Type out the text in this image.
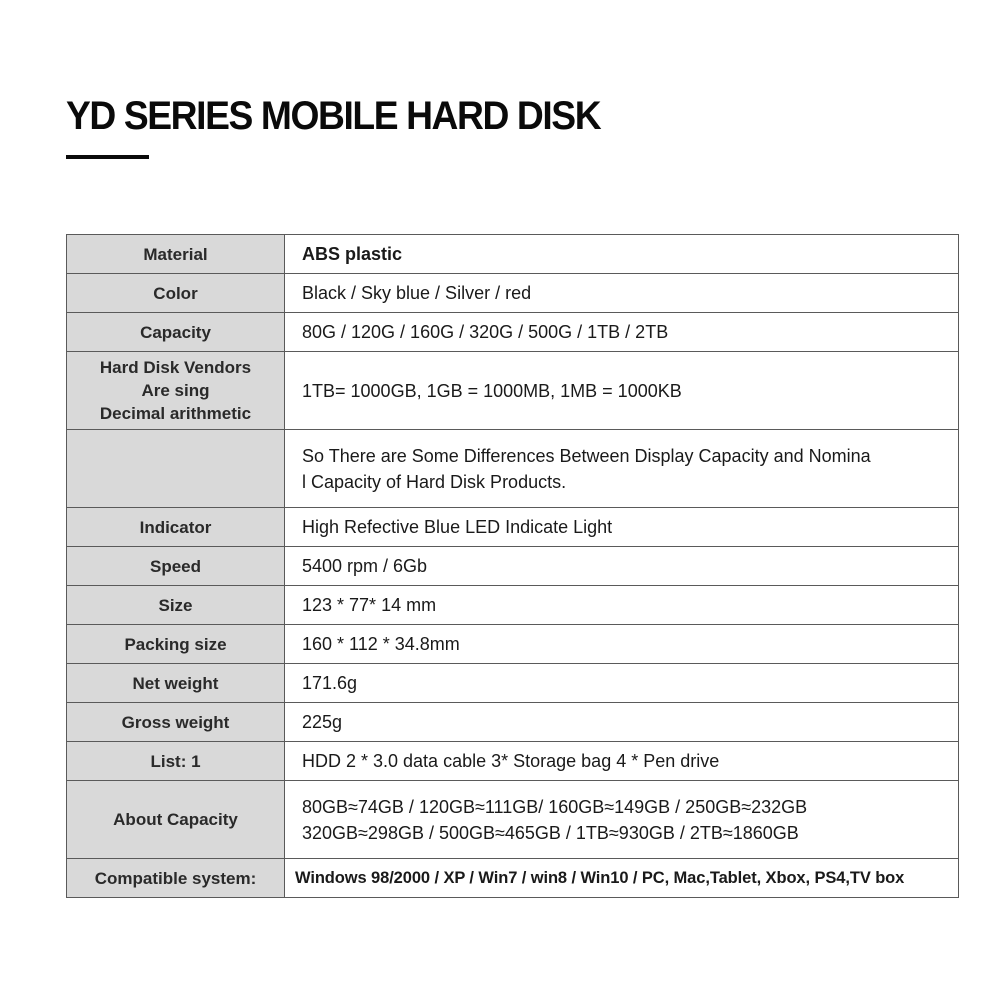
YD SERIES MOBILE HARD DISK
Material	ABS plastic

Color	Black / Sky blue / Silver / red

Capacity	80G / 120G / 160G / 320G / 500G / 1TB / 2TB

Hard Disk Vendors
Are sing
Decimal arithmetic	1TB= 1000GB, 1GB = 1000MB, 1MB = 1000KB

	So There are Some Differences Between Display Capacity and Nomina
l Capacity of Hard Disk Products.

Indicator	High Refective Blue LED Indicate Light

Speed	5400 rpm / 6Gb

Size	123 * 77* 14 mm

Packing size	160 * 112 * 34.8mm

Net weight	171.6g

Gross weight	225g

List: 1	HDD 2 * 3.0 data cable 3* Storage bag 4 * Pen drive

About Capacity	80GB≈74GB / 120GB≈111GB/ 160GB≈149GB / 250GB≈232GB
320GB≈298GB / 500GB≈465GB / 1TB≈930GB / 2TB≈1860GB

Compatible system:	Windows 98/2000 / XP / Win7 / win8 / Win10 / PC, Mac,Tablet, Xbox, PS4,TV box
